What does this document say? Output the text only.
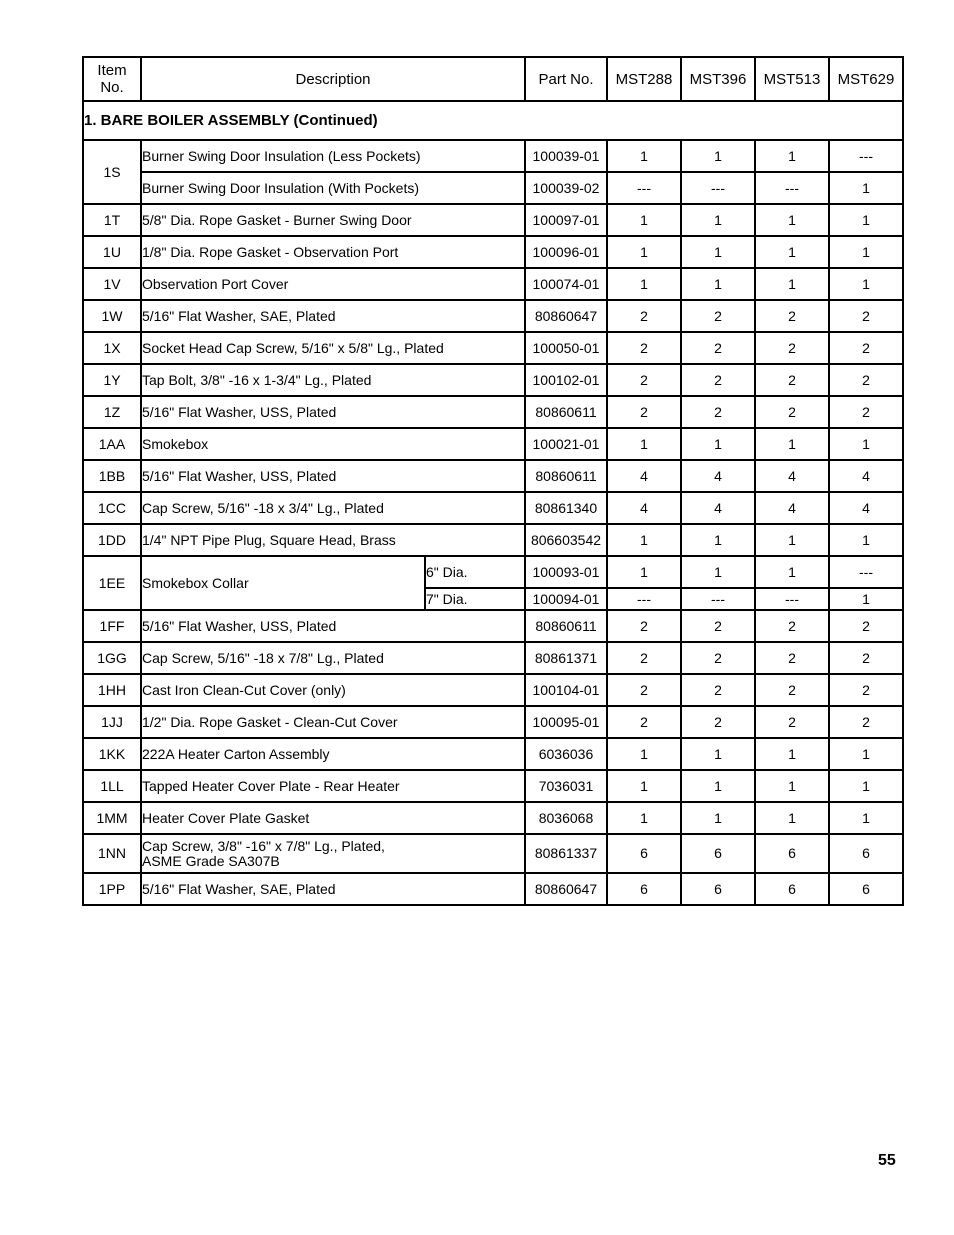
Item
No.	Description		Part No.	MST288	MST396	MST513	MST629
1. BARE BOILER ASSEMBLY (Continued)							
1S	Burner Swing Door Insulation (Less Pockets)		100039-01	1	1	1	---
	Burner Swing Door Insulation (With Pockets)		100039-02	---	---	---	1
1T	5/8" Dia. Rope Gasket - Burner Swing Door		100097-01	1	1	1	1
1U	1/8" Dia. Rope Gasket - Observation Port		100096-01	1	1	1	1
1V	Observation Port Cover		100074-01	1	1	1	1
1W	5/16" Flat Washer, SAE, Plated		80860647	2	2	2	2
1X	Socket Head Cap Screw, 5/16" x 5/8" Lg., Plated		100050-01	2	2	2	2
1Y	Tap Bolt, 3/8" -16 x 1-3/4" Lg., Plated		100102-01	2	2	2	2
1Z	5/16" Flat Washer, USS, Plated		80860611	2	2	2	2
1AA	Smokebox		100021-01	1	1	1	1
1BB	5/16" Flat Washer, USS, Plated		80860611	4	4	4	4
1CC	Cap Screw, 5/16" -18 x 3/4" Lg., Plated		80861340	4	4	4	4
1DD	1/4" NPT Pipe Plug, Square Head, Brass		806603542	1	1	1	1
1EE	Smokebox Collar	6" Dia.	100093-01	1	1	1	---
		7" Dia.	100094-01	---	---	---	1
1FF	5/16" Flat Washer, USS, Plated		80860611	2	2	2	2
1GG	Cap Screw, 5/16" -18 x 7/8" Lg., Plated		80861371	2	2	2	2
1HH	Cast Iron Clean-Cut Cover (only)		100104-01	2	2	2	2
1JJ	1/2" Dia. Rope Gasket - Clean-Cut Cover		100095-01	2	2	2	2
1KK	222A Heater Carton Assembly		6036036	1	1	1	1
1LL	Tapped Heater Cover Plate - Rear Heater		7036031	1	1	1	1
1MM	Heater Cover Plate Gasket		8036068	1	1	1	1
1NN	Cap Screw, 3/8" -16" x 7/8" Lg., Plated,
ASME Grade SA307B		80861337	6	6	6	6
1PP	5/16" Flat Washer, SAE, Plated		80860647	6	6	6	6
55
